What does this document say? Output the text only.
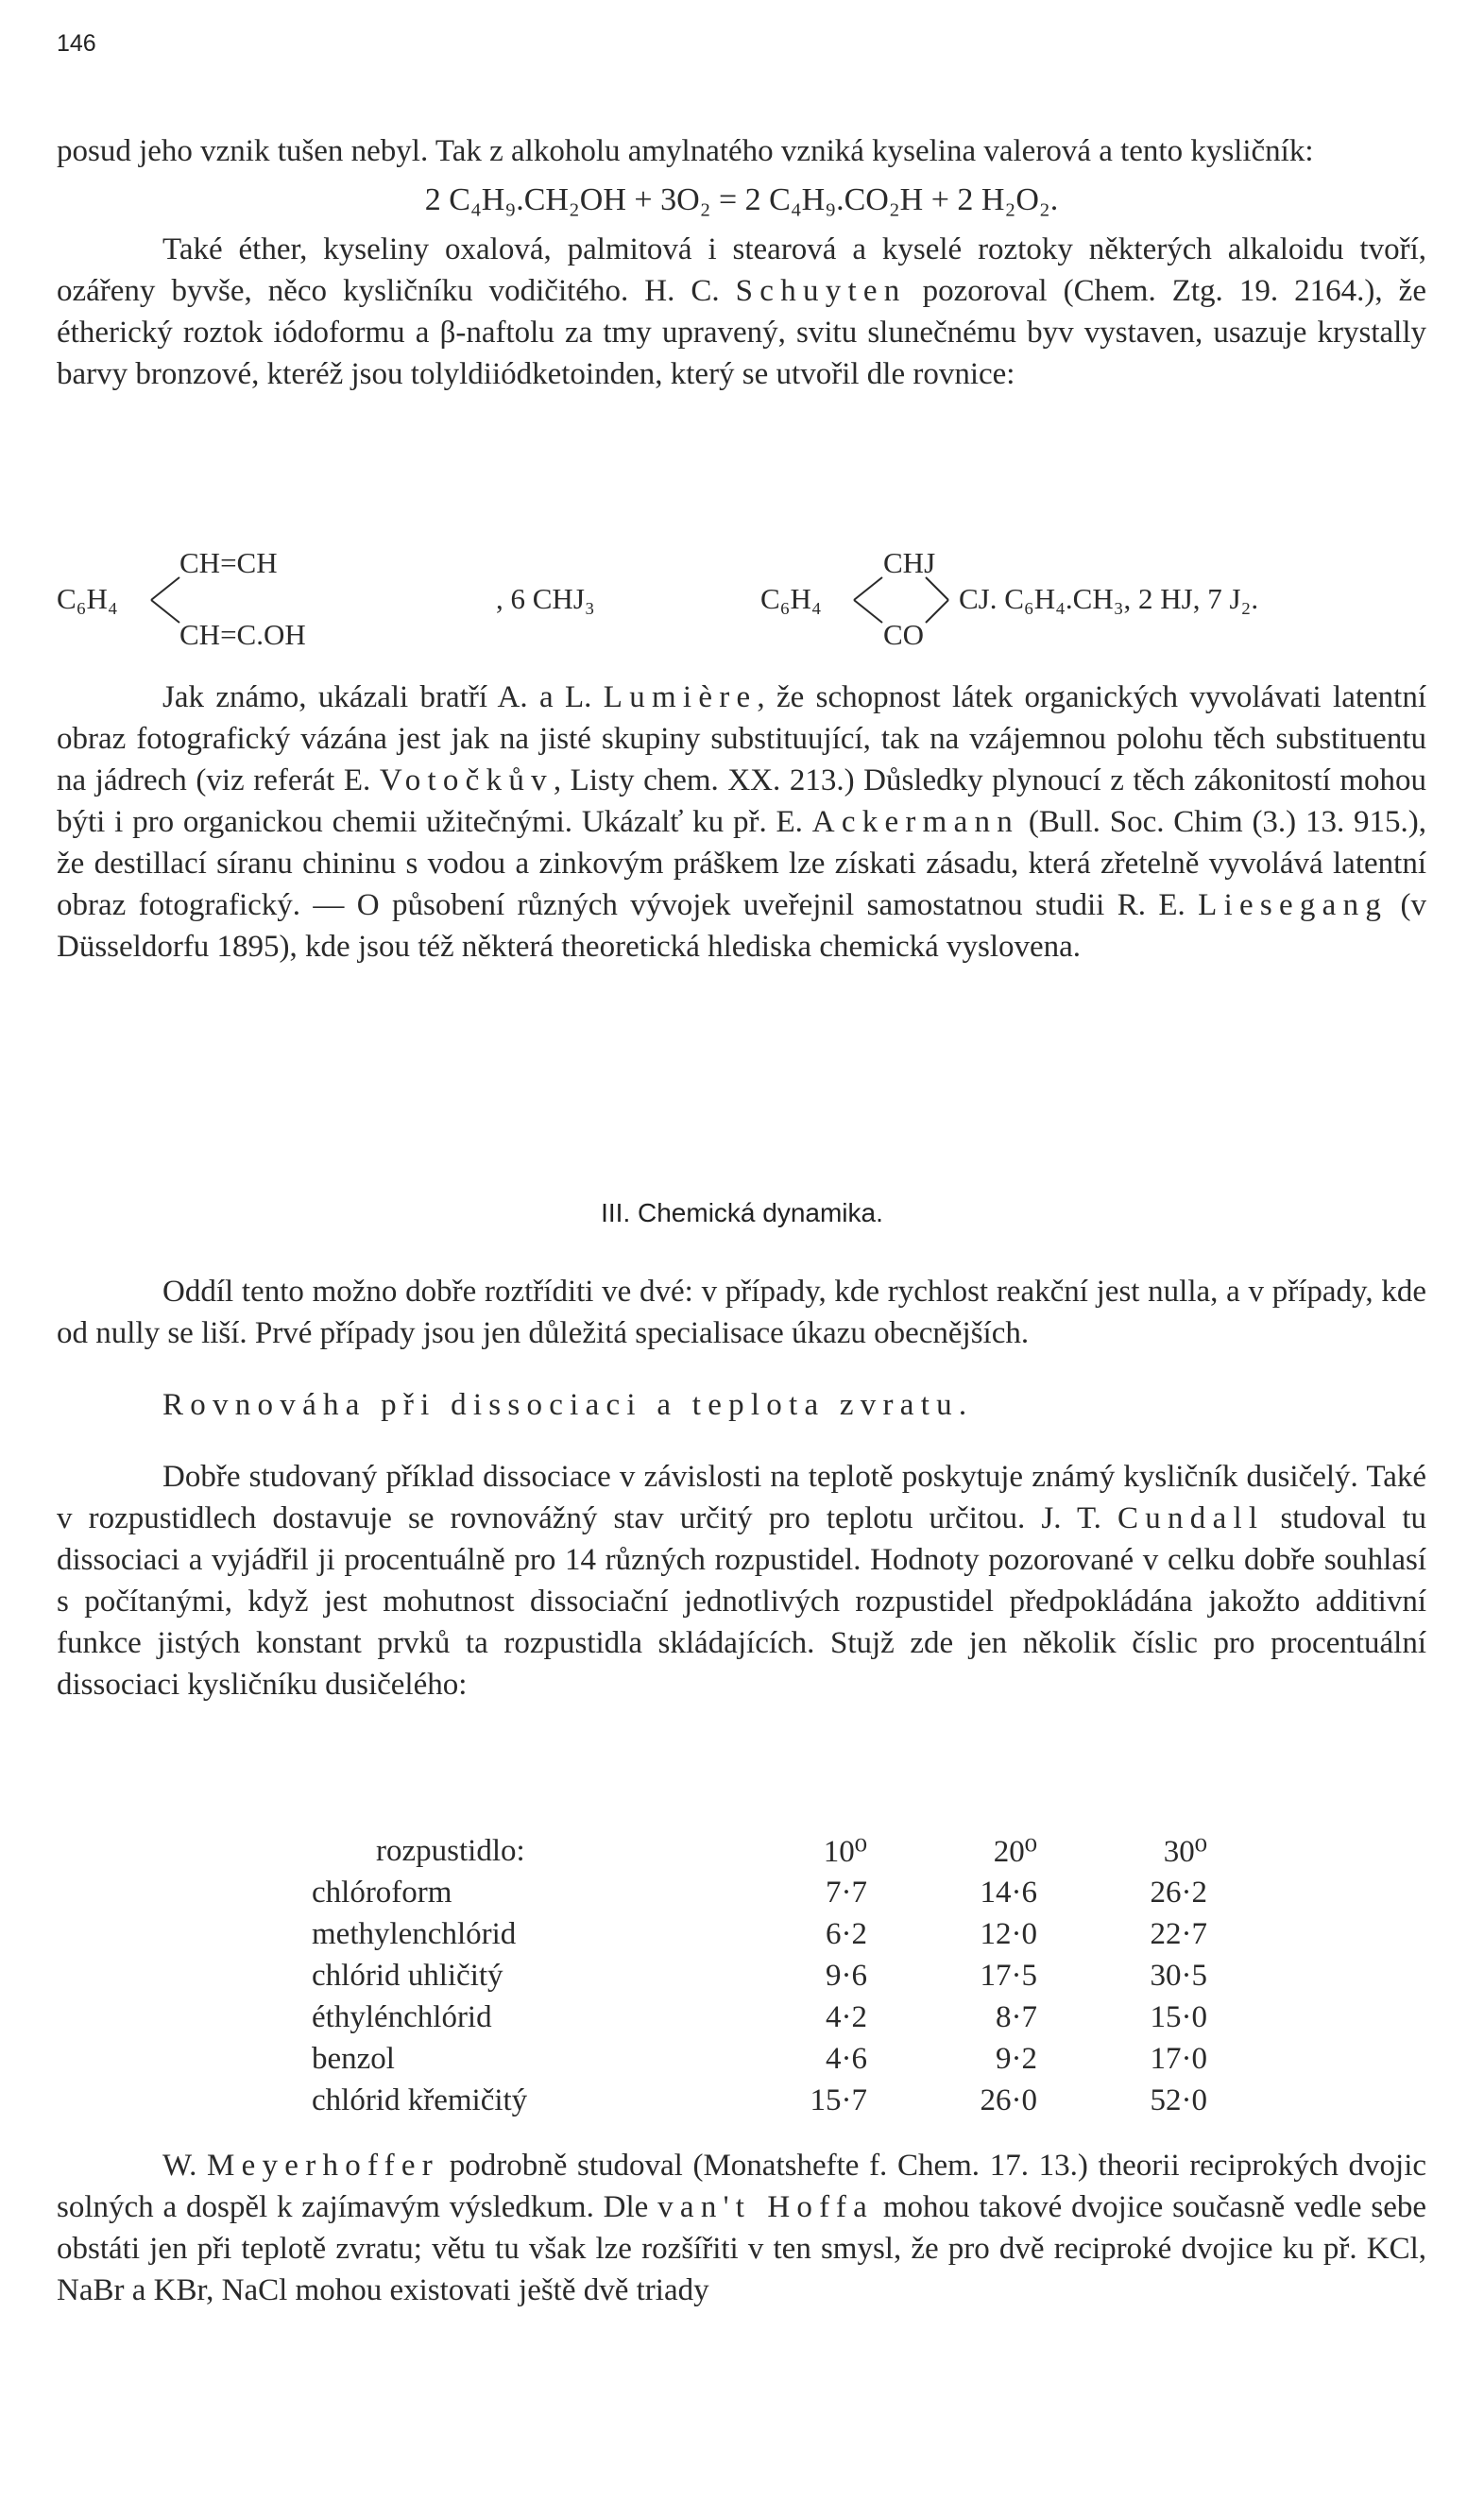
146

posud jeho vznik tušen nebyl. Tak z alkoholu amylnatého vzniká kyselina valerová a tento kysličník:

2 C₄H₉.CH₂OH + 3O₂ = 2 C₄H₉.CO₂H + 2 H₂O₂.

Také éther, kyseliny oxalová, palmitová i stearová a kyselé roztoky některých alkaloidu tvoří, ozářeny byvše, něco kysličníku vodičitého. H. C. Schuyten pozoroval (Chem. Ztg. 19. 2164.), že étherický roztok iódoformu a β-naftolu za tmy upravený, svitu slunečnému byv vystaven, usazuje krystally barvy bronzové, kteréž jsou tolyldiiódketoinden, který se utvořil dle rovnice:

C₆H₄
CH=CH
CH=C.OH
, 6 CHJ₃	C₆H₄
CHJ
CO
CJ. C₆H₄.CH₃, 2 HJ, 7 J₂.

Jak známo, ukázali bratří A. a L. Lumière, že schopnost látek organických vyvolávati latentní obraz fotografický vázána jest jak na jisté skupiny substituující, tak na vzájemnou polohu těch substituentu na jádrech (viz referát E. Votočkův, Listy chem. XX. 213.) Důsledky plynoucí z těch zákonitostí mohou býti i pro organickou chemii užitečnými. Ukázalť ku př. E. Ackermann (Bull. Soc. Chim (3.) 13. 915.), že destillací síranu chininu s vodou a zinkovým práškem lze získati zásadu, která zřetelně vyvolává latentní obraz fotografický. — O působení různých vývojek uveřejnil samostatnou studii R. E. Liesegang (v Düsseldorfu 1895), kde jsou též některá theoretická hlediska chemická vyslovena.

III. Chemická dynamika.

Oddíl tento možno dobře roztříditi ve dvé: v případy, kde rychlost reakční jest nulla, a v případy, kde od nully se liší. Prvé případy jsou jen důležitá specialisace úkazu obecnějších.

Rovnováha při dissociaci a teplota zvratu.

Dobře studovaný příklad dissociace v závislosti na teplotě poskytuje známý kysličník dusičelý. Také v rozpustidlech dostavuje se rovnovážný stav určitý pro teplotu určitou. J. T. Cundall studoval tu dissociaci a vyjádřil ji procentuálně pro 14 různých rozpustidel. Hodnoty pozorované v celku dobře souhlasí s počítanými, když jest mohutnost dissociační jednotlivých rozpustidel předpokládána jakožto additivní funkce jistých konstant prvků ta rozpustidla skládajících. Stujž zde jen několik číslic pro procentuální dissociaci kysličníku dusičelého:

rozpustidlo:	10⁰	20⁰	30⁰
chlóroform	7·7	14·6	26·2
methylenchlórid	6·2	12·0	22·7
chlórid uhličitý	9·6	17·5	30·5
éthylénchlórid	4·2	8·7	15·0
benzol	4·6	9·2	17·0
chlórid křemičitý	15·7	26·0	52·0

W. Meyerhoffer podrobně studoval (Monatshefte f. Chem. 17. 13.) theorii reciprokých dvojic solných a dospěl k zajímavým výsledkum. Dle van't Hoffa mohou takové dvojice současně vedle sebe obstáti jen při teplotě zvratu; větu tu však lze rozšířiti v ten smysl, že pro dvě reciproké dvojice ku př. KCl, NaBr a KBr, NaCl mohou existovati ještě dvě triady
